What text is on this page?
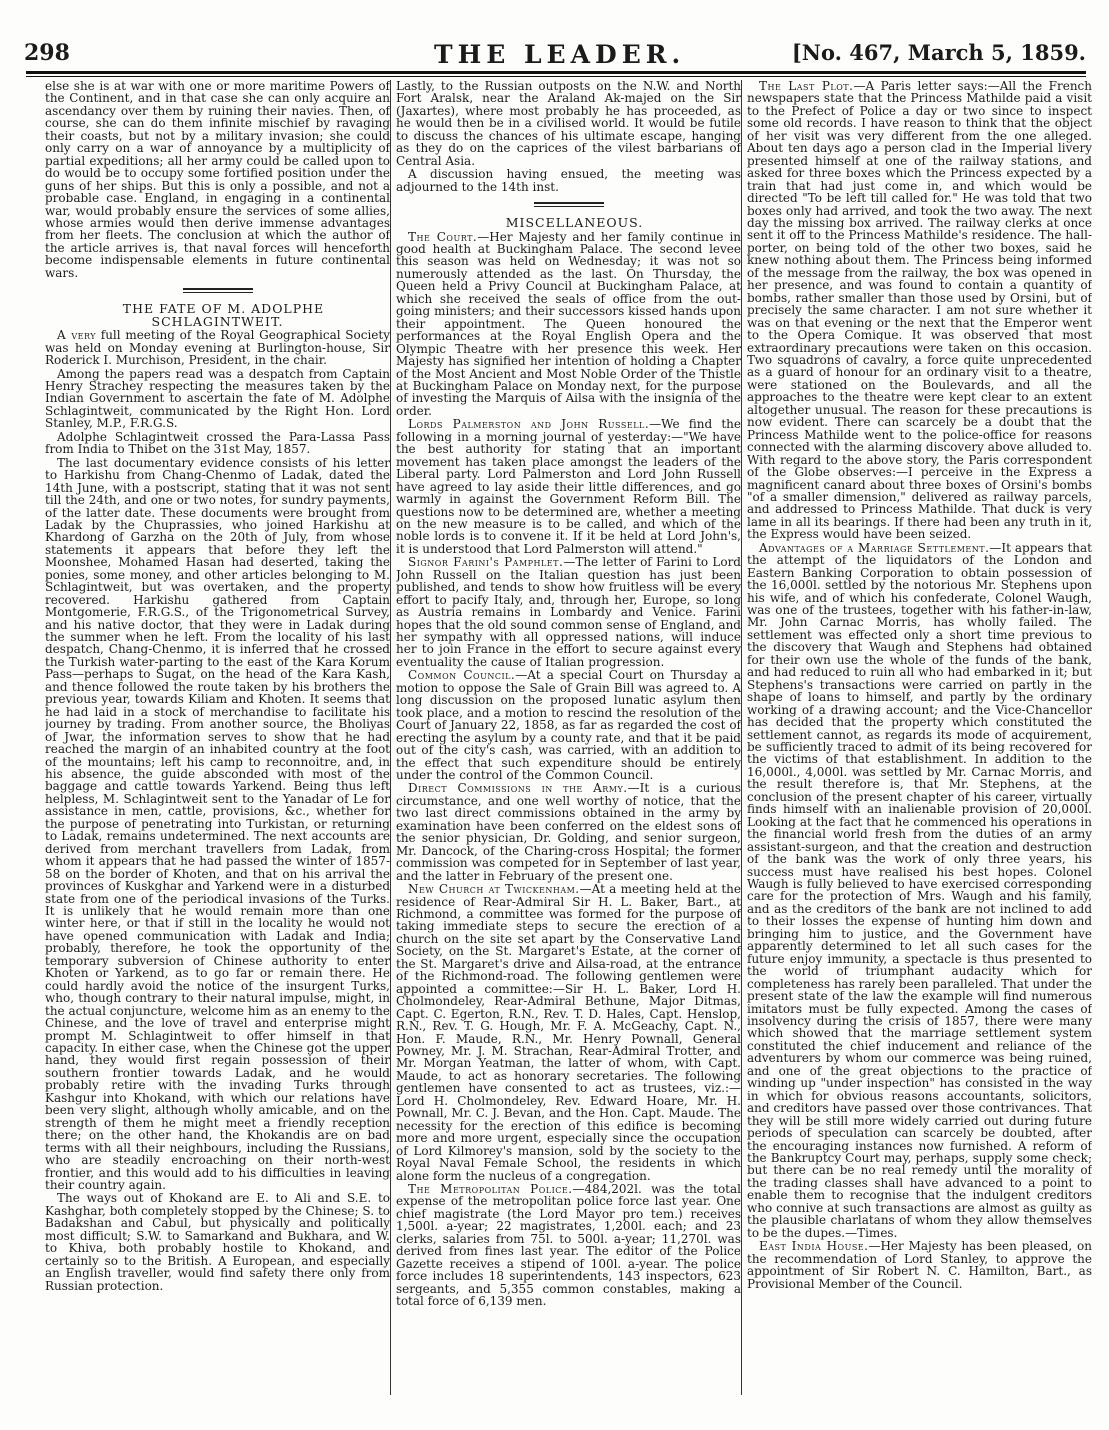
298	THE LEADER.	[No. 467, March 5, 1859.

else she is at war with one or more maritime Powers of the Continent, and in that case she can only acquire an ascendancy over them by ruining their navies. Then, of course, she can do them infinite mischief by ravaging their coasts, but not by a military invasion; she could only carry on a war of annoyance by a multiplicity of partial expeditions; all her army could be called upon to do would be to occupy some fortified position under the guns of her ships. But this is only a possible, and not a probable case. England, in engaging in a continental war, would probably ensure the services of some allies, whose armies would then derive immense advantages from her fleets. The conclusion at which the author of the article arrives is, that naval forces will henceforth become indispensable elements in future continental wars.

THE FATE OF M. ADOLPHE SCHLAGINTWEIT.

A very full meeting of the Royal Geographical Society was held on Monday evening at Burlington-house, Sir Roderick I. Murchison, President, in the chair.

Among the papers read was a despatch from Captain Henry Strachey respecting the measures taken by the Indian Government to ascertain the fate of M. Adolphe Schlagintweit, communicated by the Right Hon. Lord Stanley, M.P., F.R.G.S.

Adolphe Schlagintweit crossed the Para-Lassa Pass from India to Thibet on the 31st May, 1857.

The last documentary evidence consists of his letter to Harkishu from Chang-Chenmo of Ladak, dated the 14th June, with a postscript, stating that it was not sent till the 24th, and one or two notes, for sundry payments, of the latter date. These documents were brought from Ladak by the Chuprassies, who joined Harkishu at Khardong of Garzha on the 20th of July, from whose statements it appears that before they left the Moonshee, Mohamed Hasan had deserted, taking the ponies, some money, and other articles belonging to M. Schlagintweit, but was overtaken, and the property recovered. Harkishu gathered from Captain Montgomerie, F.R.G.S., of the Trigonometrical Survey, and his native doctor, that they were in Ladak during the summer when he left. From the locality of his last despatch, Chang-Chenmo, it is inferred that he crossed the Turkish water-parting to the east of the Kara Korum Pass—perhaps to Sugat, on the head of the Kara Kash, and thence followed the route taken by his brothers the previous year, towards Kiliam and Khoten. It seems that he had laid in a stock of merchandise to facilitate his journey by trading. From another source, the Bholiyas of Jwar, the information serves to show that he had reached the margin of an inhabited country at the foot of the mountains; left his camp to reconnoitre, and, in his absence, the guide absconded with most of the baggage and cattle towards Yarkend. Being thus left helpless, M. Schlagintweit sent to the Yanadar of Le for assistance in men, cattle, provisions, &c., whether for the purpose of penetrating into Turkistan, or returning to Ladak, remains undetermined. The next accounts are derived from merchant travellers from Ladak, from whom it appears that he had passed the winter of 1857-58 on the border of Khoten, and that on his arrival the provinces of Kuskghar and Yarkend were in a disturbed state from one of the periodical invasions of the Turks. It is unlikely that he would remain more than one winter here, or that if still in the locality he would not have opened communication with Ladak and India; probably, therefore, he took the opportunity of the temporary subversion of Chinese authority to enter Khoten or Yarkend, as to go far or remain there. He could hardly avoid the notice of the insurgent Turks, who, though contrary to their natural impulse, might, in the actual conjuncture, welcome him as an enemy to the Chinese, and the love of travel and enterprise might prompt M. Schlagintweit to offer himself in that capacity. In either case, when the Chinese got the upper hand, they would first regain possession of their southern frontier towards Ladak, and he would probably retire with the invading Turks through Kashgur into Khokand, with which our relations have been very slight, although wholly amicable, and on the strength of them he might meet a friendly reception there; on the other hand, the Khokandis are on bad terms with all their neighbours, including the Russians, who are steadily encroaching on their north-west frontier, and this would add to his difficulties in leaving their country again.

The ways out of Khokand are E. to Ali and S.E. to Kashghar, both completely stopped by the Chinese; S. to Badakshan and Cabul, but physically and politically most difficult; S.W. to Samarkand and Bukhara, and W. to Khiva, both probably hostile to Khokand, and certainly so to the British. A European, and especially an English traveller, would find safety there only from Russian protection.

Lastly, to the Russian outposts on the N.W. and North Fort Aralsk, near the Araland Ak-majed on the Sir (Jaxartes), where most probably he has proceeded, as he would then be in a civilised world. It would be futile to discuss the chances of his ultimate escape, hanging as they do on the caprices of the vilest barbarians of Central Asia.

A discussion having ensued, the meeting was adjourned to the 14th inst.

MISCELLANEOUS.

The Court.—Her Majesty and her family continue in good health at Buckingham Palace. The second levee this season was held on Wednesday; it was not so numerously attended as the last. On Thursday, the Queen held a Privy Council at Buckingham Palace, at which she received the seals of office from the out-going ministers; and their successors kissed hands upon their appointment. The Queen honoured the performances at the Royal English Opera and the Olympic Theatre with her presence this week. Her Majesty has signified her intention of holding a Chapter of the Most Ancient and Most Noble Order of the Thistle at Buckingham Palace on Monday next, for the purpose of investing the Marquis of Ailsa with the insignia of the order.

Lords Palmerston and John Russell.—We find the following in a morning journal of yesterday:—"We have the best authority for stating that an important movement has taken place amongst the leaders of the Liberal party. Lord Palmerston and Lord John Russell have agreed to lay aside their little differences, and go warmly in against the Government Reform Bill. The questions now to be determined are, whether a meeting on the new measure is to be called, and which of the noble lords is to convene it. If it be held at Lord John's, it is understood that Lord Palmerston will attend."

Signor Farini's Pamphlet.—The letter of Farini to Lord John Russell on the Italian question has just been published, and tends to show how fruitless will be every effort to pacify Italy, and, through her, Europe, so long as Austria remains in Lombardy and Venice. Farini hopes that the old sound common sense of England, and her sympathy with all oppressed nations, will induce her to join France in the effort to secure against every eventuality the cause of Italian progression.

Common Council.—At a special Court on Thursday a motion to oppose the Sale of Grain Bill was agreed to. A long discussion on the proposed lunatic asylum then took place, and a motion to rescind the resolution of the Court of January 22, 1858, as far as regarded the cost of erecting the asylum by a county rate, and that it be paid out of the city's cash, was carried, with an addition to the effect that such expenditure should be entirely under the control of the Common Council.

Direct Commissions in the Army.—It is a curious circumstance, and one well worthy of notice, that the two last direct commissions obtained in the army by examination have been conferred on the eldest sons of the senior physician, Dr. Golding, and senior surgeon, Mr. Dancock, of the Charing-cross Hospital; the former commission was competed for in September of last year, and the latter in February of the present one.

New Church at Twickenham.—At a meeting held at the residence of Rear-Admiral Sir H. L. Baker, Bart., at Richmond, a committee was formed for the purpose of taking immediate steps to secure the erection of a church on the site set apart by the Conservative Land Society, on the St. Margaret's Estate, at the corner of the St. Margaret's drive and Ailsa-road, at the entrance of the Richmond-road. The following gentlemen were appointed a committee:—Sir H. L. Baker, Lord H. Cholmondeley, Rear-Admiral Bethune, Major Ditmas, Capt. C. Egerton, R.N., Rev. T. D. Hales, Capt. Henslop, R.N., Rev. T. G. Hough, Mr. F. A. McGeachy, Capt. N., Hon. F. Maude, R.N., Mr. Henry Pownall, General Powney, Mr. J. M. Strachan, Rear-Admiral Trotter, and Mr. Morgan Yeatman, the latter of whom, with Capt. Maude, to act as honorary secretaries. The following gentlemen have consented to act as trustees, viz.:—Lord H. Cholmondeley, Rev. Edward Hoare, Mr. H. Pownall, Mr. C. J. Bevan, and the Hon. Capt. Maude. The necessity for the erection of this edifice is becoming more and more urgent, especially since the occupation of Lord Kilmorey's mansion, sold by the society to the Royal Naval Female School, the residents in which alone form the nucleus of a congregation.

The Metropolitan Police.—484,202l. was the total expense of the metropolitan police force last year. One chief magistrate (the Lord Mayor pro tem.) receives 1,500l. a-year; 22 magistrates, 1,200l. each; and 23 clerks, salaries from 75l. to 500l. a-year; 11,270l. was derived from fines last year. The editor of the Police Gazette receives a stipend of 100l. a-year. The police force includes 18 superintendents, 143 inspectors, 623 sergeants, and 5,355 common constables, making a total force of 6,139 men.

The Last Plot.—A Paris letter says:—All the French newspapers state that the Princess Mathilde paid a visit to the Prefect of Police a day or two since to inspect some old records. I have reason to think that the object of her visit was very different from the one alleged. About ten days ago a person clad in the Imperial livery presented himself at one of the railway stations, and asked for three boxes which the Princess expected by a train that had just come in, and which would be directed "To be left till called for." He was told that two boxes only had arrived, and took the two away. The next day the missing box arrived. The railway clerks at once sent it off to the Princess Mathilde's residence. The hall-porter, on being told of the other two boxes, said he knew nothing about them. The Princess being informed of the message from the railway, the box was opened in her presence, and was found to contain a quantity of bombs, rather smaller than those used by Orsini, but of precisely the same character. I am not sure whether it was on that evening or the next that the Emperor went to the Opera Comique. It was observed that most extraordinary precautions were taken on this occasion. Two squadrons of cavalry, a force quite unprecedented as a guard of honour for an ordinary visit to a theatre, were stationed on the Boulevards, and all the approaches to the theatre were kept clear to an extent altogether unusual. The reason for these precautions is now evident. There can scarcely be a doubt that the Princess Mathilde went to the police-office for reasons connected with the alarming discovery above alluded to. With regard to the above story, the Paris correspondent of the Globe observes:—I perceive in the Express a magnificent canard about three boxes of Orsini's bombs "of a smaller dimension," delivered as railway parcels, and addressed to Princess Mathilde. That duck is very lame in all its bearings. If there had been any truth in it, the Express would have been seized.

Advantages of a Marriage Settlement.—It appears that the attempt of the liquidators of the London and Eastern Banking Corporation to obtain possession of the 16,000l. settled by the notorious Mr. Stephens upon his wife, and of which his confederate, Colonel Waugh, was one of the trustees, together with his father-in-law, Mr. John Carnac Morris, has wholly failed. The settlement was effected only a short time previous to the discovery that Waugh and Stephens had obtained for their own use the whole of the funds of the bank, and had reduced to ruin all who had embarked in it; but Stephens's transactions were carried on partly in the shape of loans to himself, and partly by the ordinary working of a drawing account; and the Vice-Chancellor has decided that the property which constituted the settlement cannot, as regards its mode of acquirement, be sufficiently traced to admit of its being recovered for the victims of that establishment. In addition to the 16,000l., 4,000l. was settled by Mr. Carnac Morris, and the result therefore is, that Mr. Stephens, at the conclusion of the present chapter of his career, virtually finds himself with an inalienable provision of 20,000l. Looking at the fact that he commenced his operations in the financial world fresh from the duties of an army assistant-surgeon, and that the creation and destruction of the bank was the work of only three years, his success must have realised his best hopes. Colonel Waugh is fully believed to have exercised corresponding care for the protection of Mrs. Waugh and his family, and as the creditors of the bank are not inclined to add to their losses the expense of hunting him down and bringing him to justice, and the Government have apparently determined to let all such cases for the future enjoy immunity, a spectacle is thus presented to the world of triumphant audacity which for completeness has rarely been paralleled. That under the present state of the law the example will find numerous imitators must be fully expected. Among the cases of insolvency during the crisis of 1857, there were many which showed that the marriage settlement system constituted the chief inducement and reliance of the adventurers by whom our commerce was being ruined, and one of the great objections to the practice of winding up "under inspection" has consisted in the way in which for obvious reasons accountants, solicitors, and creditors have passed over those contrivances. That they will be still more widely carried out during future periods of speculation can scarcely be doubted, after the encouraging instances now furnished. A reform of the Bankruptcy Court may, perhaps, supply some check; but there can be no real remedy until the morality of the trading classes shall have advanced to a point to enable them to recognise that the indulgent creditors who connive at such transactions are almost as guilty as the plausible charlatans of whom they allow themselves to be the dupes.—Times.

East India House.—Her Majesty has been pleased, on the recommendation of Lord Stanley, to approve the appointment of Sir Robert N. C. Hamilton, Bart., as Provisional Member of the Council.
